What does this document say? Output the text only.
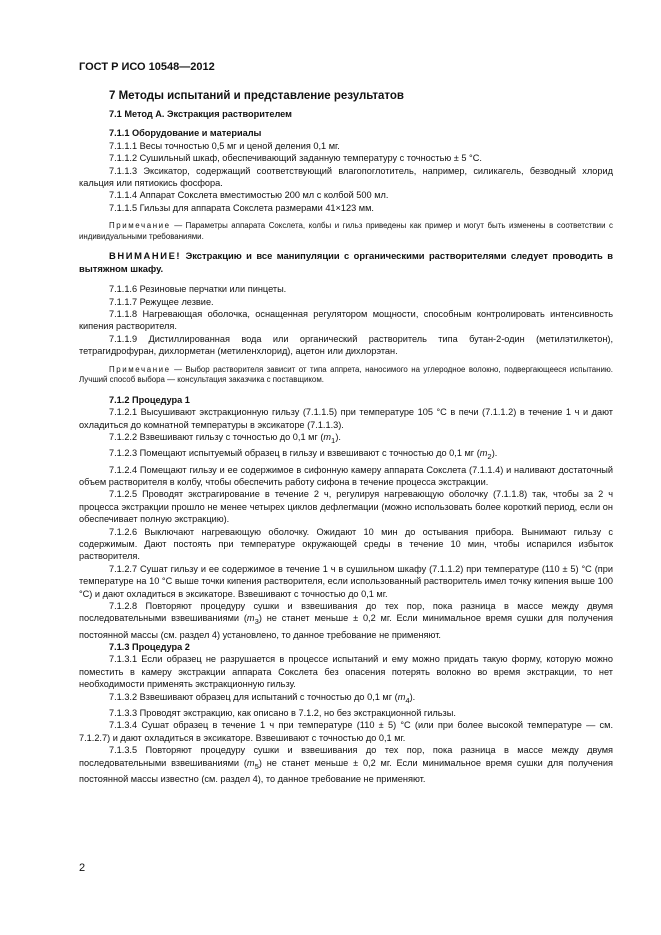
ГОСТ Р ИСО 10548—2012
7 Методы испытаний и представление результатов
7.1 Метод А. Экстракция растворителем
7.1.1 Оборудование и материалы
7.1.1.1 Весы точностью 0,5 мг и ценой деления 0,1 мг.
7.1.1.2 Сушильный шкаф, обеспечивающий заданную температуру с точностью ± 5 °С.
7.1.1.3 Эксикатор, содержащий соответствующий влагопоглотитель, например, силикагель, безводный хлорид кальция или пятиокись фосфора.
7.1.1.4 Аппарат Сокслета вместимостью 200 мл с колбой 500 мл.
7.1.1.5 Гильзы для аппарата Сокслета размерами 41×123 мм.
Примечание — Параметры аппарата Сокслета, колбы и гильз приведены как пример и могут быть изменены в соответствии с индивидуальными требованиями.
ВНИМАНИЕ! Экстракцию и все манипуляции с органическими растворителями следует проводить в вытяжном шкафу.
7.1.1.6 Резиновые перчатки или пинцеты.
7.1.1.7 Режущее лезвие.
7.1.1.8 Нагревающая оболочка, оснащенная регулятором мощности, способным контролировать интенсивность кипения растворителя.
7.1.1.9 Дистиллированная вода или органический растворитель типа бутан-2-один (метилэтилкетон), тетрагидрофуран, дихлорметан (метиленхлорид), ацетон или дихлорэтан.
Примечание — Выбор растворителя зависит от типа аппрета, наносимого на углеродное волокно, подвергающееся испытанию. Лучший способ выбора — консультация заказчика с поставщиком.
7.1.2 Процедура 1
7.1.2.1 Высушивают экстракционную гильзу (7.1.1.5) при температуре 105 °С в печи (7.1.1.2) в течение 1 ч и дают охладиться до комнатной температуры в эксикаторе (7.1.1.3).
7.1.2.2 Взвешивают гильзу с точностью до 0,1 мг $(m_1)$.
7.1.2.3 Помещают испытуемый образец в гильзу и взвешивают с точностью до 0,1 мг $(m_2)$.
7.1.2.4 Помещают гильзу и ее содержимое в сифонную камеру аппарата Сокслета (7.1.1.4) и наливают достаточный объем растворителя в колбу, чтобы обеспечить работу сифона в течение процесса экстракции.
7.1.2.5 Проводят экстрагирование в течение 2 ч, регулируя нагревающую оболочку (7.1.1.8) так, чтобы за 2 ч процесса экстракции прошло не менее четырех циклов дефлегмации (можно использовать более короткий период, если он обеспечивает полную экстракцию).
7.1.2.6 Выключают нагревающую оболочку. Ожидают 10 мин до остывания прибора. Вынимают гильзу с содержимым. Дают постоять при температуре окружающей среды в течение 10 мин, чтобы испарился избыток растворителя.
7.1.2.7 Сушат гильзу и ее содержимое в течение 1 ч в сушильном шкафу (7.1.1.2) при температуре (110 ± 5) °С (при температуре на 10 °С выше точки кипения растворителя, если использованный растворитель имел точку кипения выше 100 °С) и дают охладиться в эксикаторе. Взвешивают с точностью до 0,1 мг.
7.1.2.8 Повторяют процедуру сушки и взвешивания до тех пор, пока разница в массе между двумя последовательными взвешиваниями $(m_3)$ не станет меньше ± 0,2 мг. Если минимальное время сушки для получения постоянной массы (см. раздел 4) установлено, то данное требование не применяют.
7.1.3 Процедура 2
7.1.3.1 Если образец не разрушается в процессе испытаний и ему можно придать такую форму, которую можно поместить в камеру экстракции аппарата Сокслета без опасения потерять волокно во время экстракции, то нет необходимости применять экстракционную гильзу.
7.1.3.2 Взвешивают образец для испытаний с точностью до 0,1 мг $(m_4)$.
7.1.3.3 Проводят экстракцию, как описано в 7.1.2, но без экстракционной гильзы.
7.1.3.4 Сушат образец в течение 1 ч при температуре (110 ± 5) °С (или при более высокой температуре — см. 7.1.2.7) и дают охладиться в эксикаторе. Взвешивают с точностью до 0,1 мг.
7.1.3.5 Повторяют процедуру сушки и взвешивания до тех пор, пока разница в массе между двумя последовательными взвешиваниями $(m_5)$ не станет меньше ± 0,2 мг. Если минимальное время сушки для получения постоянной массы известно (см. раздел 4), то данное требование не применяют.
2
